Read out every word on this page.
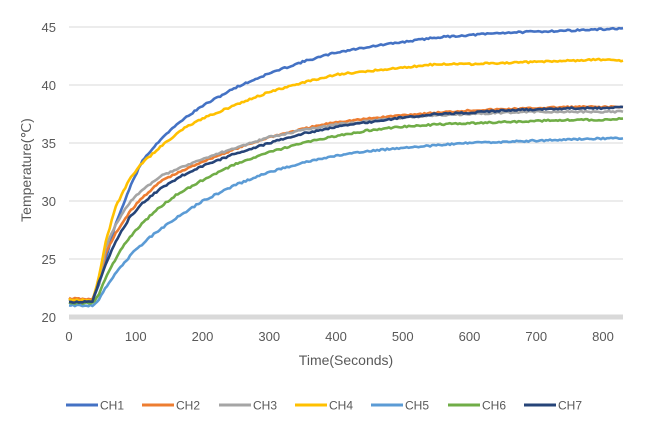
20
25
30
35
40
45
0	100	200	300	400	500	600	700	800
Time(Seconds)
Temperature(℃)
CH1	CH2	CH3	CH4	CH5	CH6	CH7
